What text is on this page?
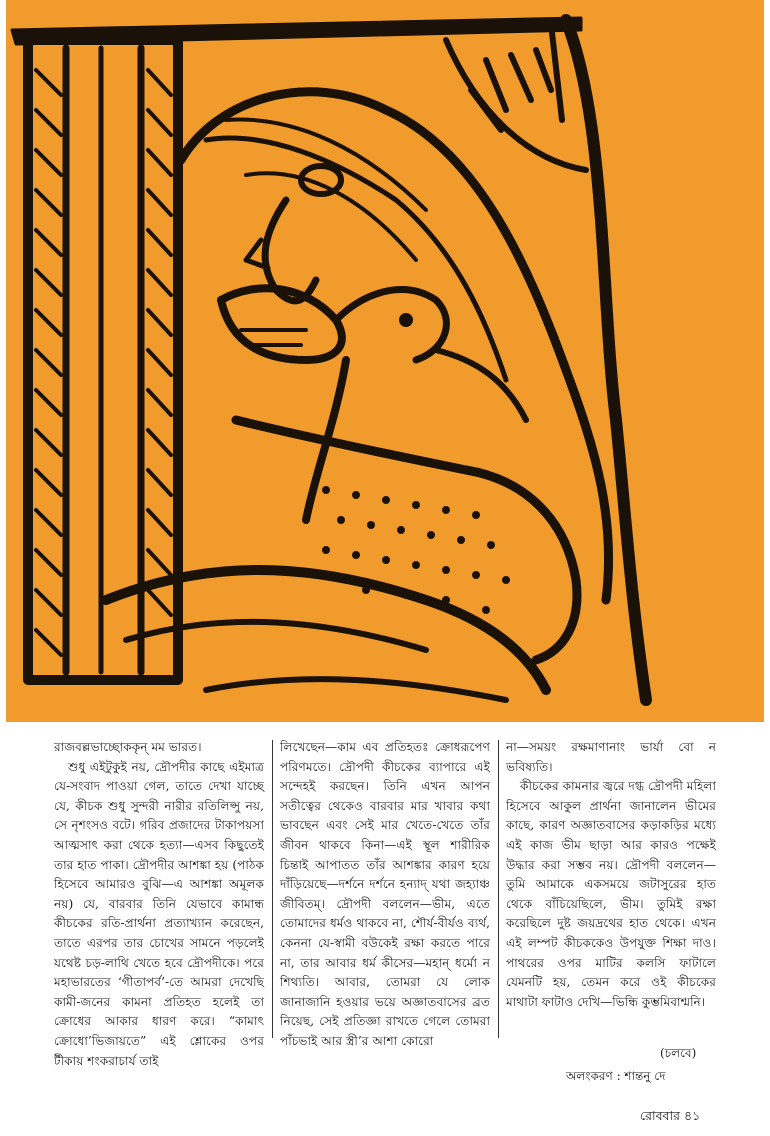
রাজবল্লভাচ্ছোককৃন্ মম ভারত।

শুধু এইটুকুই নয়, দ্রৌপদীর কাছে এইমাত্র যে-সংবাদ পাওয়া গেল, তাতে দেখা যাচ্ছে যে, কীচক শুধু সুন্দরী নারীর রতিলিপ্সু নয়, সে নৃশংসও বটে। গরিব প্রজাদের টাকাপয়সা আত্মসাৎ করা থেকে হত্যা—এসব কিছুতেই তার হাত পাকা। দ্রৌপদীর আশঙ্কা হয় (পাঠক হিসেবে আমারও বুঝি—এ আশঙ্কা অমূলক নয়) যে, বারবার তিনি যেভাবে কামান্ধ কীচকের রতি-প্রার্থনা প্রত্যাখ্যান করেছেন, তাতে এরপর তার চোখের সামনে পড়লেই যথেষ্ট চড়-লাথি খেতে হবে দ্রৌপদীকে। পরে মহাভারতের ‘গীতাপর্ব’-তে আমরা দেখেছি কামী-জনের কামনা প্রতিহত হলেই তা ক্রোধের আকার ধারণ করে। “কামাৎ ক্রোধো’ভিজায়তে” এই শ্লোকের ওপর টীকায় শংকরাচার্য তাই

লিখেছেন—কাম এব প্রতিহতঃ ক্রোধরূপেণ পরিণমতে। দ্রৌপদী কীচকের ব্যাপারে এই সন্দেহই করছেন। তিনি এখন আপন সতীত্বের থেকেও বারবার মার খাবার কথা ভাবছেন এবং সেই মার খেতে-খেতে তাঁর জীবন থাকবে কিনা—এই স্থূল শারীরিক চিন্তাই আপাতত তাঁর আশঙ্কার কারণ হয়ে দাঁড়িয়েছে—দর্শনে দর্শনে হন্যাদ্ যথা জহ্যাঞ্চ জীবিতম্। দ্রৌপদী বললেন—ভীম, এতে তোমাদের ধর্মও থাকবে না, শৌর্য-বীর্যও ব্যর্থ, কেননা যে-স্বামী বউকেই রক্ষা করতে পারে না, তার আবার ধর্ম কীসের—মহান্ ধর্মো ন শিথ্যতি। আবার, তোমরা যে লোক জানাজানি হওয়ার ভয়ে অজ্ঞাতবাসের ব্রত নিয়েছ, সেই প্রতিজ্ঞা রাখতে গেলে তোমরা পাঁচভাই আর স্ত্রী’র আশা কোরো

না—সময়ং রক্ষমাণানাং ভার্যা বো ন ভবিষ্যতি।

কীচকের কামনার জ্বরে দগ্ধ দ্রৌপদী মহিলা হিসেবে আকুল প্রার্থনা জানালেন ভীমের কাছে, কারণ অজ্ঞাতবাসের কড়াকড়ির মধ্যে এই কাজ ভীম ছাড়া আর কারও পক্ষেই উদ্ধার করা সম্ভব নয়। দ্রৌপদী বললেন—তুমি আমাকে একসময়ে জটাসুরের হাত থেকে বাঁচিয়েছিলে, ভীম। তুমিই রক্ষা করেছিলে দুষ্ট জয়দ্রথের হাত থেকে। এখন এই লম্পট কীচককেও উপযুক্ত শিক্ষা দাও। পাথরের ওপর মাটির কলসি ফাটালে যেমনটি হয়, তেমন করে ওই কীচকের মাথাটা ফাটাও দেখি—ভিন্ধি কুম্ভমিবাশ্মনি।

(চলবে)
অলংকরণ : শান্তনু দে
রোববার ৪১
